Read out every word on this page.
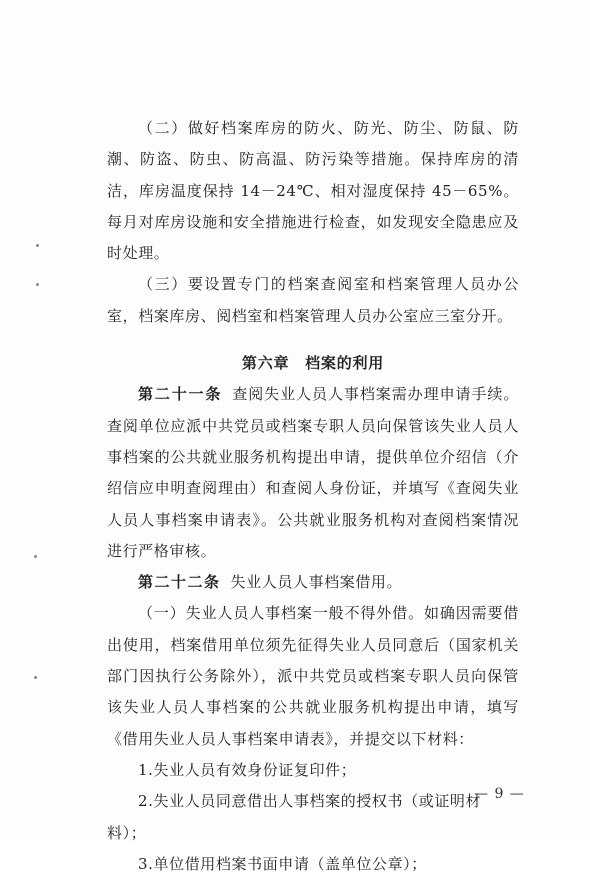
（二）做好档案库房的防火、防光、防尘、防鼠、防潮、防盗、防虫、防高温、防污染等措施。保持库房的清洁，库房温度保持 14－24℃、相对湿度保持 45－65%。每月对库房设施和安全措施进行检查，如发现安全隐患应及时处理。

（三）要设置专门的档案查阅室和档案管理人员办公室，档案库房、阅档室和档案管理人员办公室应三室分开。

第六章　档案的利用

第二十一条 查阅失业人员人事档案需办理申请手续。查阅单位应派中共党员或档案专职人员向保管该失业人员人事档案的公共就业服务机构提出申请，提供单位介绍信（介绍信应申明查阅理由）和查阅人身份证，并填写《查阅失业人员人事档案申请表》。公共就业服务机构对查阅档案情况进行严格审核。

第二十二条 失业人员人事档案借用。

（一）失业人员人事档案一般不得外借。如确因需要借出使用，档案借用单位须先征得失业人员同意后（国家机关部门因执行公务除外），派中共党员或档案专职人员向保管该失业人员人事档案的公共就业服务机构提出申请，填写《借用失业人员人事档案申请表》，并提交以下材料：

1.失业人员有效身份证复印件；

2.失业人员同意借出人事档案的授权书（或证明材料）；

3.单位借用档案书面申请（盖单位公章）；

— 9 —
